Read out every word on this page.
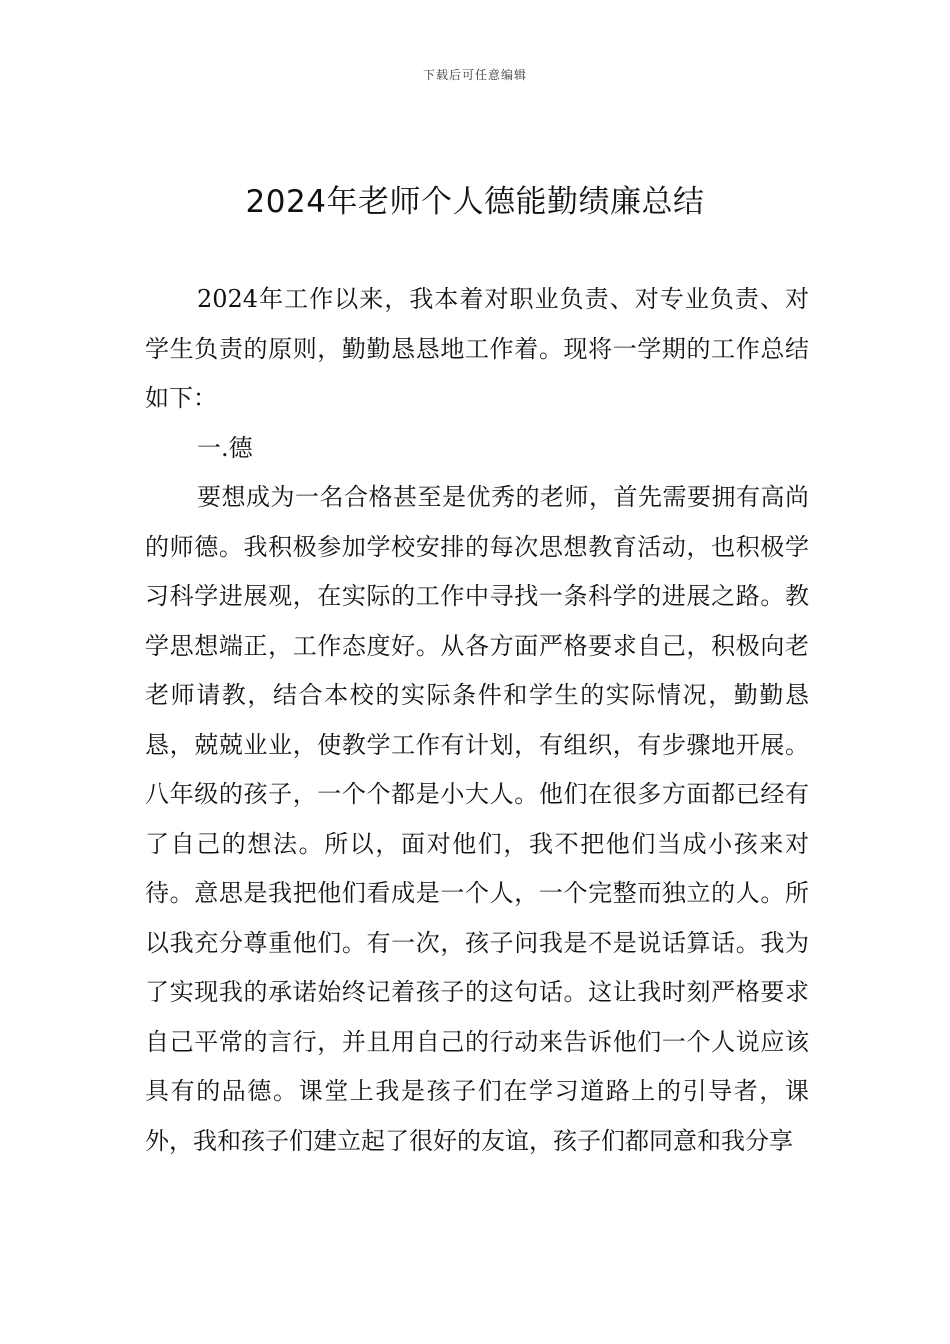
下载后可任意编辑
2024年老师个人德能勤绩廉总结

2024年工作以来，我本着对职业负责、对专业负责、对学生负责的原则，勤勤恳恳地工作着。现将一学期的工作总结如下：

一.德

要想成为一名合格甚至是优秀的老师，首先需要拥有高尚的师德。我积极参加学校安排的每次思想教育活动，也积极学习科学进展观，在实际的工作中寻找一条科学的进展之路。教学思想端正，工作态度好。从各方面严格要求自己，积极向老老师请教，结合本校的实际条件和学生的实际情况，勤勤恳恳，兢兢业业，使教学工作有计划，有组织，有步骤地开展。 八年级的孩子，一个个都是小大人。他们在很多方面都已经有了自己的想法。所以，面对他们，我不把他们当成小孩来对待。意思是我把他们看成是一个人，一个完整而独立的人。所以我充分尊重他们。有一次，孩子问我是不是说话算话。我为了实现我的承诺始终记着孩子的这句话。这让我时刻严格要求自己平常的言行，并且用自己的行动来告诉他们一个人说应该具有的品德。课堂上我是孩子们在学习道路上的引导者，课外，我和孩子们建立起了很好的友谊，孩子们都同意和我分享
